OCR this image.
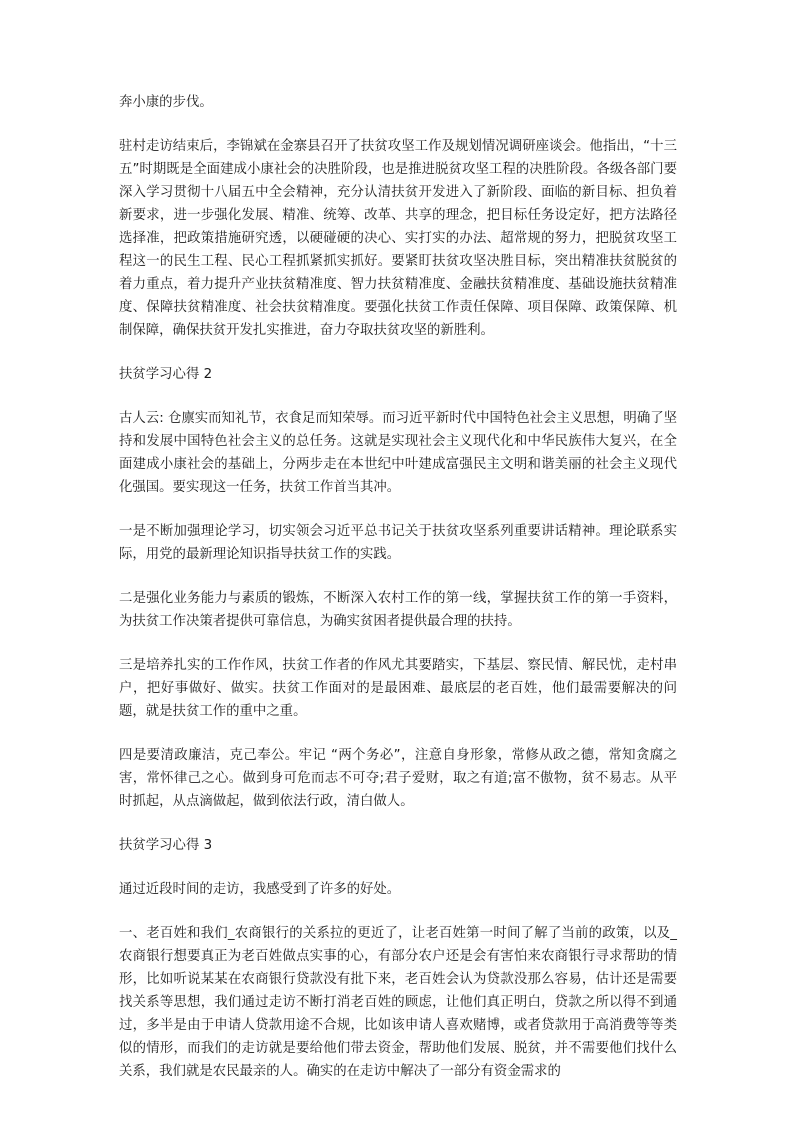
奔小康的步伐。

驻村走访结束后，李锦斌在金寨县召开了扶贫攻坚工作及规划情况调研座谈会。他指出，“十三五”时期既是全面建成小康社会的决胜阶段，也是推进脱贫攻坚工程的决胜阶段。各级各部门要深入学习贯彻十八届五中全会精神，充分认清扶贫开发进入了新阶段、面临的新目标、担负着新要求，进一步强化发展、精准、统筹、改革、共享的理念，把目标任务设定好，把方法路径选择准，把政策措施研究透，以硬碰硬的决心、实打实的办法、超常规的努力，把脱贫攻坚工程这一的民生工程、民心工程抓紧抓实抓好。要紧盯扶贫攻坚决胜目标，突出精准扶贫脱贫的着力重点，着力提升产业扶贫精准度、智力扶贫精准度、金融扶贫精准度、基础设施扶贫精准度、保障扶贫精准度、社会扶贫精准度。要强化扶贫工作责任保障、项目保障、政策保障、机制保障，确保扶贫开发扎实推进，奋力夺取扶贫攻坚的新胜利。

扶贫学习心得 2

古人云: 仓廪实而知礼节，衣食足而知荣辱。而习近平新时代中国特色社会主义思想，明确了坚持和发展中国特色社会主义的总任务。这就是实现社会主义现代化和中华民族伟大复兴，在全面建成小康社会的基础上，分两步走在本世纪中叶建成富强民主文明和谐美丽的社会主义现代化强国。要实现这一任务，扶贫工作首当其冲。

一是不断加强理论学习，切实领会习近平总书记关于扶贫攻坚系列重要讲话精神。理论联系实际，用党的最新理论知识指导扶贫工作的实践。

二是强化业务能力与素质的锻炼，不断深入农村工作的第一线，掌握扶贫工作的第一手资料，为扶贫工作决策者提供可靠信息，为确实贫困者提供最合理的扶持。

三是培养扎实的工作作风，扶贫工作者的作风尤其要踏实，下基层、察民情、解民忧，走村串户，把好事做好、做实。扶贫工作面对的是最困难、最底层的老百姓，他们最需要解决的问题，就是扶贫工作的重中之重。

四是要清政廉洁，克己奉公。牢记 “两个务必”，注意自身形象，常修从政之德，常知贪腐之害，常怀律己之心。做到身可危而志不可夺;君子爱财，取之有道;富不傲物，贫不易志。从平时抓起，从点滴做起，做到依法行政，清白做人。

扶贫学习心得 3

通过近段时间的走访，我感受到了许多的好处。

一、老百姓和我们_农商银行的关系拉的更近了，让老百姓第一时间了解了当前的政策，以及_农商银行想要真正为老百姓做点实事的心，有部分农户还是会有害怕来农商银行寻求帮助的情形，比如听说某某在农商银行贷款没有批下来，老百姓会认为贷款没那么容易，估计还是需要找关系等思想，我们通过走访不断打消老百姓的顾虑，让他们真正明白，贷款之所以得不到通过，多半是由于申请人贷款用途不合规，比如该申请人喜欢赌博，或者贷款用于高消费等等类似的情形，而我们的走访就是要给他们带去资金，帮助他们发展、脱贫，并不需要他们找什么关系，我们就是农民最亲的人。确实的在走访中解决了一部分有资金需求的
